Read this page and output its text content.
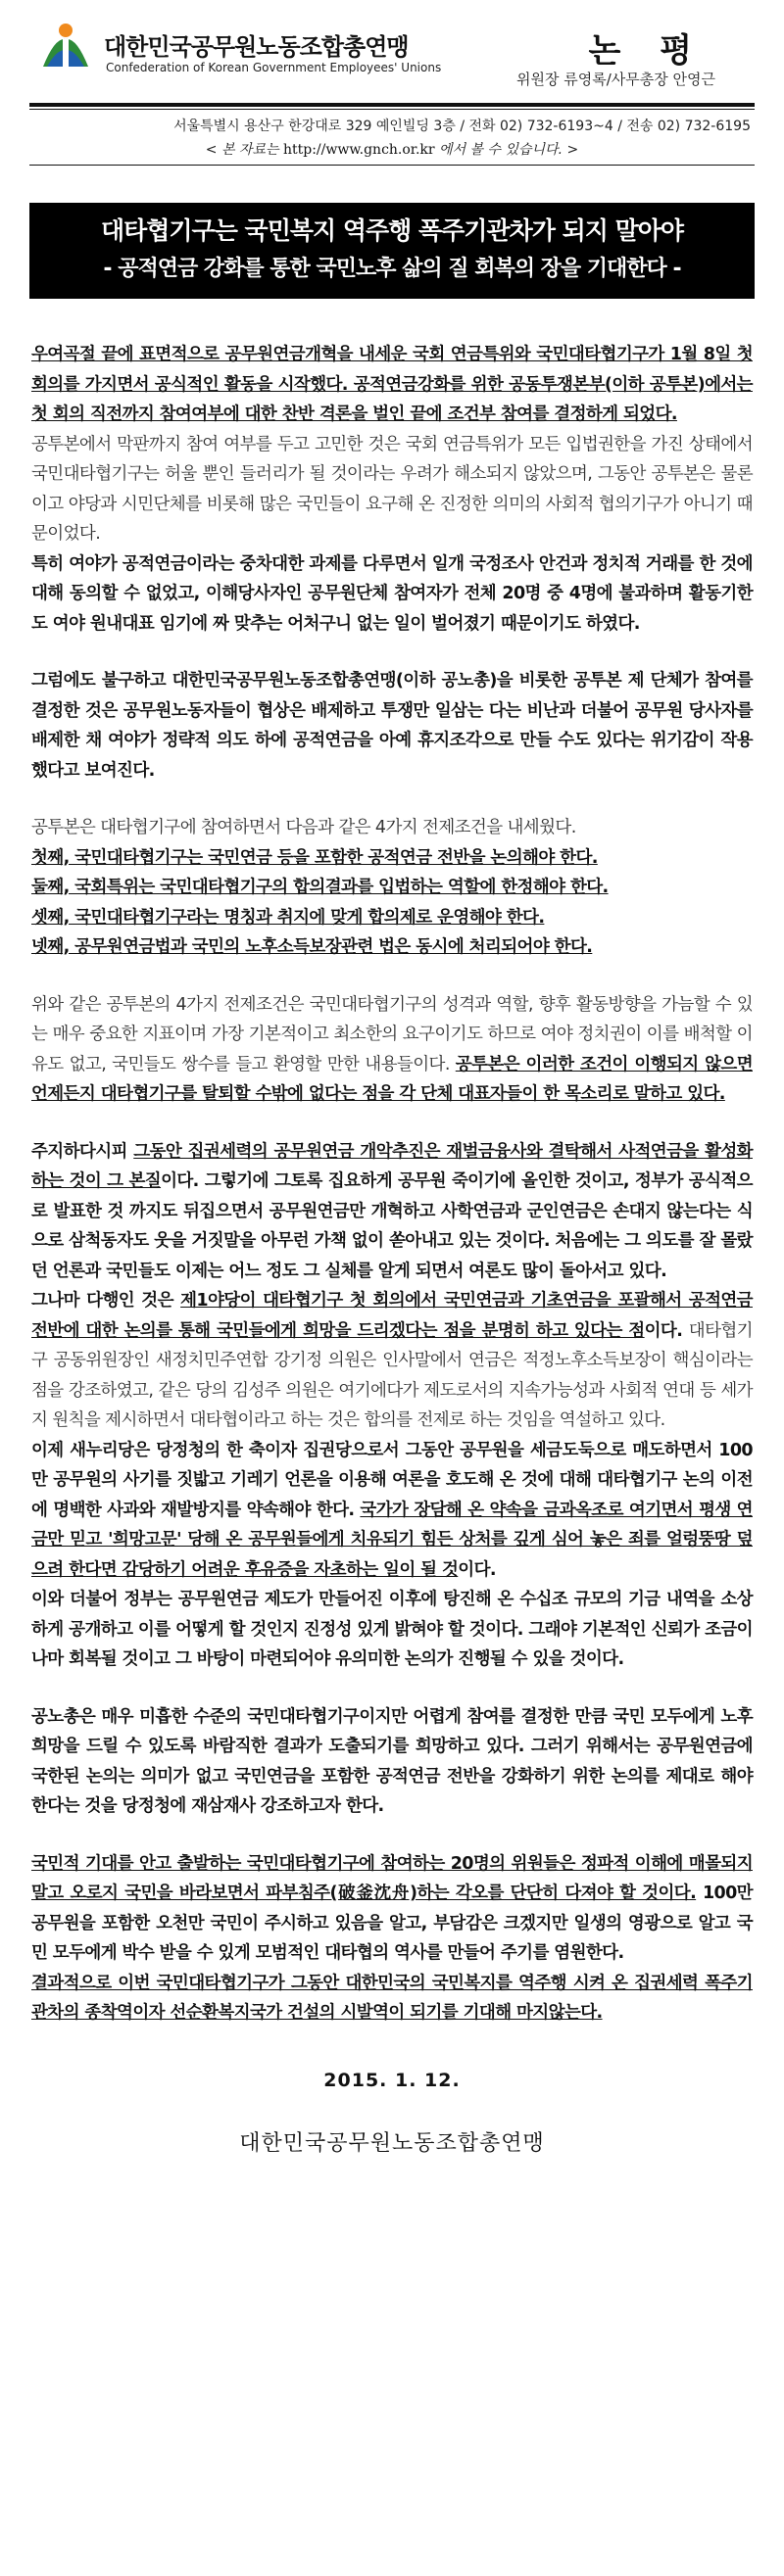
대한민국공무원노동조합총연맹
Confederation of Korean Government Employees' Unions	논 평
위원장 류영록/사무총장 안영근
서울특별시 용산구 한강대로 329 예인빌딩 3층 / 전화 02) 732-6193~4 / 전송 02) 732-6195
< 본 자료는 http://www.gnch.or.kr 에서 볼 수 있습니다. >
대타협기구는 국민복지 역주행 폭주기관차가 되지 말아야
- 공적연금 강화를 통한 국민노후 삶의 질 회복의 장을 기대한다 -

우여곡절 끝에 표면적으로 공무원연금개혁을 내세운 국회 연금특위와 국민대타협기구가 1월 8일 첫 회의를 가지면서 공식적인 활동을 시작했다. 공적연금강화를 위한 공동투쟁본부(이하 공투본)에서는 첫 회의 직전까지 참여여부에 대한 찬반 격론을 벌인 끝에 조건부 참여를 결정하게 되었다.

공투본에서 막판까지 참여 여부를 두고 고민한 것은 국회 연금특위가 모든 입법권한을 가진 상태에서 국민대타협기구는 허울 뿐인 들러리가 될 것이라는 우려가 해소되지 않았으며, 그동안 공투본은 물론이고 야당과 시민단체를 비롯해 많은 국민들이 요구해 온 진정한 의미의 사회적 협의기구가 아니기 때문이었다.

특히 여야가 공적연금이라는 중차대한 과제를 다루면서 일개 국정조사 안건과 정치적 거래를 한 것에 대해 동의할 수 없었고, 이해당사자인 공무원단체 참여자가 전체 20명 중 4명에 불과하며 활동기한도 여야 원내대표 임기에 짜 맞추는 어처구니 없는 일이 벌어졌기 때문이기도 하였다.

그럼에도 불구하고 대한민국공무원노동조합총연맹(이하 공노총)을 비롯한 공투본 제 단체가 참여를 결정한 것은 공무원노동자들이 협상은 배제하고 투쟁만 일삼는 다는 비난과 더불어 공무원 당사자를 배제한 채 여야가 정략적 의도 하에 공적연금을 아예 휴지조각으로 만들 수도 있다는 위기감이 작용했다고 보여진다.

공투본은 대타협기구에 참여하면서 다음과 같은 4가지 전제조건을 내세웠다.

첫째, 국민대타협기구는 국민연금 등을 포함한 공적연금 전반을 논의해야 한다.

둘째, 국회특위는 국민대타협기구의 합의결과를 입법하는 역할에 한정해야 한다.

셋째, 국민대타협기구라는 명칭과 취지에 맞게 합의제로 운영해야 한다.

넷째, 공무원연금법과 국민의 노후소득보장관련 법은 동시에 처리되어야 한다.

위와 같은 공투본의 4가지 전제조건은 국민대타협기구의 성격과 역할, 향후 활동방향을 가늠할 수 있는 매우 중요한 지표이며 가장 기본적이고 최소한의 요구이기도 하므로 여야 정치권이 이를 배척할 이유도 없고, 국민들도 쌍수를 들고 환영할 만한 내용들이다. 공투본은 이러한 조건이 이행되지 않으면 언제든지 대타협기구를 탈퇴할 수밖에 없다는 점을 각 단체 대표자들이 한 목소리로 말하고 있다.

주지하다시피 그동안 집권세력의 공무원연금 개악추진은 재벌금융사와 결탁해서 사적연금을 활성화하는 것이 그 본질이다. 그렇기에 그토록 집요하게 공무원 죽이기에 올인한 것이고, 정부가 공식적으로 발표한 것 까지도 뒤집으면서 공무원연금만 개혁하고 사학연금과 군인연금은 손대지 않는다는 식으로 삼척동자도 웃을 거짓말을 아무런 가책 없이 쏟아내고 있는 것이다. 처음에는 그 의도를 잘 몰랐던 언론과 국민들도 이제는 어느 정도 그 실체를 알게 되면서 여론도 많이 돌아서고 있다.

그나마 다행인 것은 제1야당이 대타협기구 첫 회의에서 국민연금과 기초연금을 포괄해서 공적연금 전반에 대한 논의를 통해 국민들에게 희망을 드리겠다는 점을 분명히 하고 있다는 점이다. 대타협기구 공동위원장인 새정치민주연합 강기정 의원은 인사말에서 연금은 적정노후소득보장이 핵심이라는 점을 강조하였고, 같은 당의 김성주 의원은 여기에다가 제도로서의 지속가능성과 사회적 연대 등 세가지 원칙을 제시하면서 대타협이라고 하는 것은 합의를 전제로 하는 것임을 역설하고 있다.

이제 새누리당은 당정청의 한 축이자 집권당으로서 그동안 공무원을 세금도둑으로 매도하면서 100만 공무원의 사기를 짓밟고 기레기 언론을 이용해 여론을 호도해 온 것에 대해 대타협기구 논의 이전에 명백한 사과와 재발방지를 약속해야 한다. 국가가 장담해 온 약속을 금과옥조로 여기면서 평생 연금만 믿고 '희망고문' 당해 온 공무원들에게 치유되기 힘든 상처를 깊게 심어 놓은 죄를 얼렁뚱땅 덮으려 한다면 감당하기 어려운 후유증을 자초하는 일이 될 것이다.

이와 더불어 정부는 공무원연금 제도가 만들어진 이후에 탕진해 온 수십조 규모의 기금 내역을 소상하게 공개하고 이를 어떻게 할 것인지 진정성 있게 밝혀야 할 것이다. 그래야 기본적인 신뢰가 조금이나마 회복될 것이고 그 바탕이 마련되어야 유의미한 논의가 진행될 수 있을 것이다.

공노총은 매우 미흡한 수준의 국민대타협기구이지만 어렵게 참여를 결정한 만큼 국민 모두에게 노후 희망을 드릴 수 있도록 바람직한 결과가 도출되기를 희망하고 있다. 그러기 위해서는 공무원연금에 국한된 논의는 의미가 없고 국민연금을 포함한 공적연금 전반을 강화하기 위한 논의를 제대로 해야 한다는 것을 당정청에 재삼재사 강조하고자 한다.

국민적 기대를 안고 출발하는 국민대타협기구에 참여하는 20명의 위원들은 정파적 이해에 매몰되지 말고 오로지 국민을 바라보면서 파부침주(破釜沈舟)하는 각오를 단단히 다져야 할 것이다. 100만 공무원을 포함한 오천만 국민이 주시하고 있음을 알고, 부담감은 크겠지만 일생의 영광으로 알고 국민 모두에게 박수 받을 수 있게 모범적인 대타협의 역사를 만들어 주기를 염원한다.

결과적으로 이번 국민대타협기구가 그동안 대한민국의 국민복지를 역주행 시켜 온 집권세력 폭주기관차의 종착역이자 선순환복지국가 건설의 시발역이 되기를 기대해 마지않는다.

2015. 1. 12.
대한민국공무원노동조합총연맹
